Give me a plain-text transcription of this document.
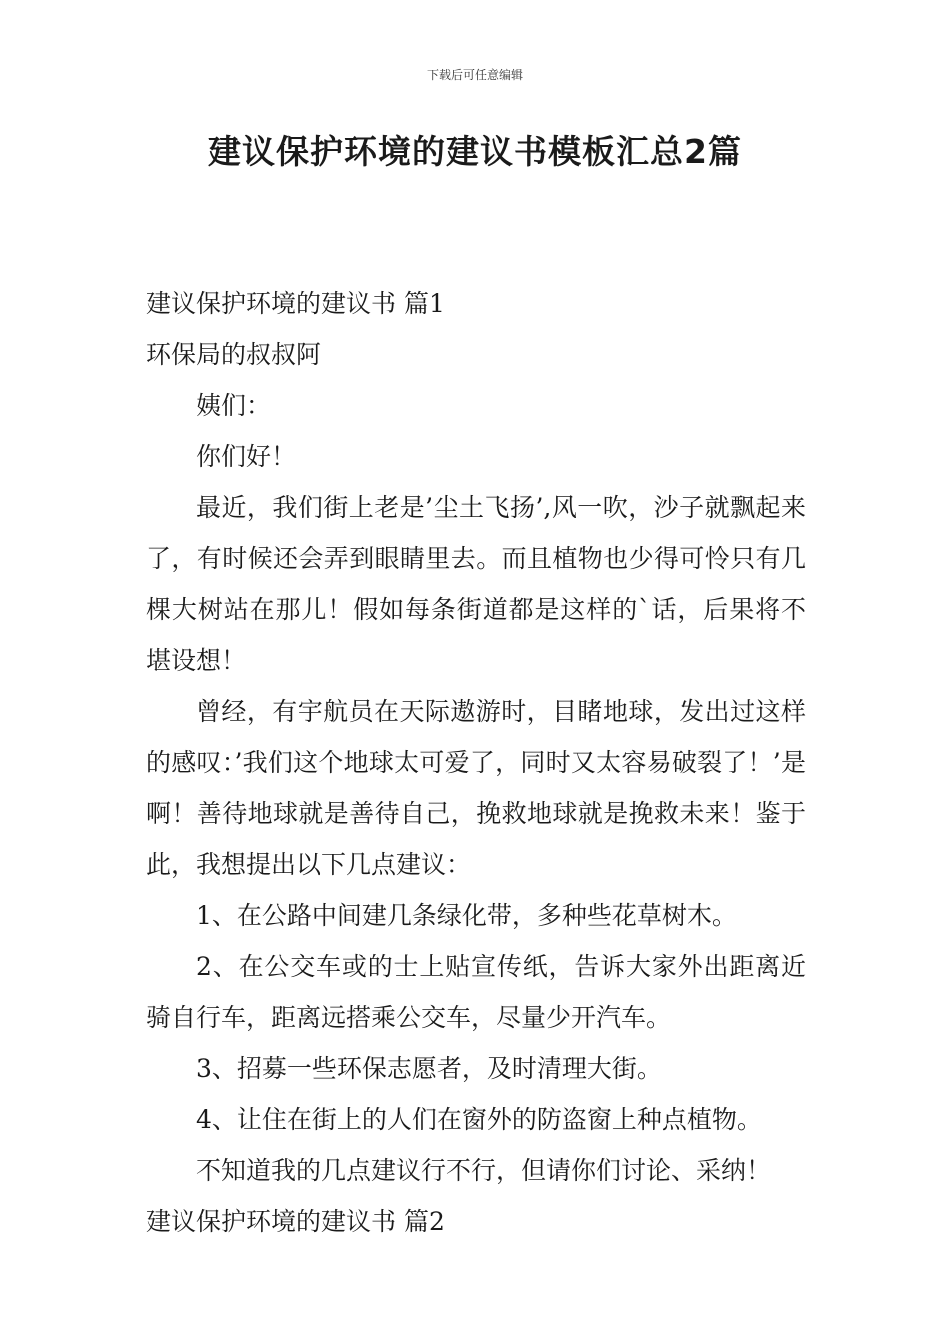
下载后可任意编辑
建议保护环境的建议书模板汇总2篇

建议保护环境的建议书 篇1

环保局的叔叔阿

姨们：

你们好！

最近，我们街上老是’尘土飞扬’,风一吹，沙子就飘起来了，有时候还会弄到眼睛里去。而且植物也少得可怜只有几棵大树站在那儿！假如每条街道都是这样的`话，后果将不堪设想！

曾经，有宇航员在天际遨游时，目睹地球，发出过这样的感叹：’我们这个地球太可爱了，同时又太容易破裂了！’是啊！善待地球就是善待自己，挽救地球就是挽救未来！鉴于此，我想提出以下几点建议：

1、在公路中间建几条绿化带，多种些花草树木。

2、在公交车或的士上贴宣传纸，告诉大家外出距离近骑自行车，距离远搭乘公交车，尽量少开汽车。

3、招募一些环保志愿者，及时清理大街。

4、让住在街上的人们在窗外的防盗窗上种点植物。

不知道我的几点建议行不行，但请你们讨论、采纳！

建议保护环境的建议书 篇2
